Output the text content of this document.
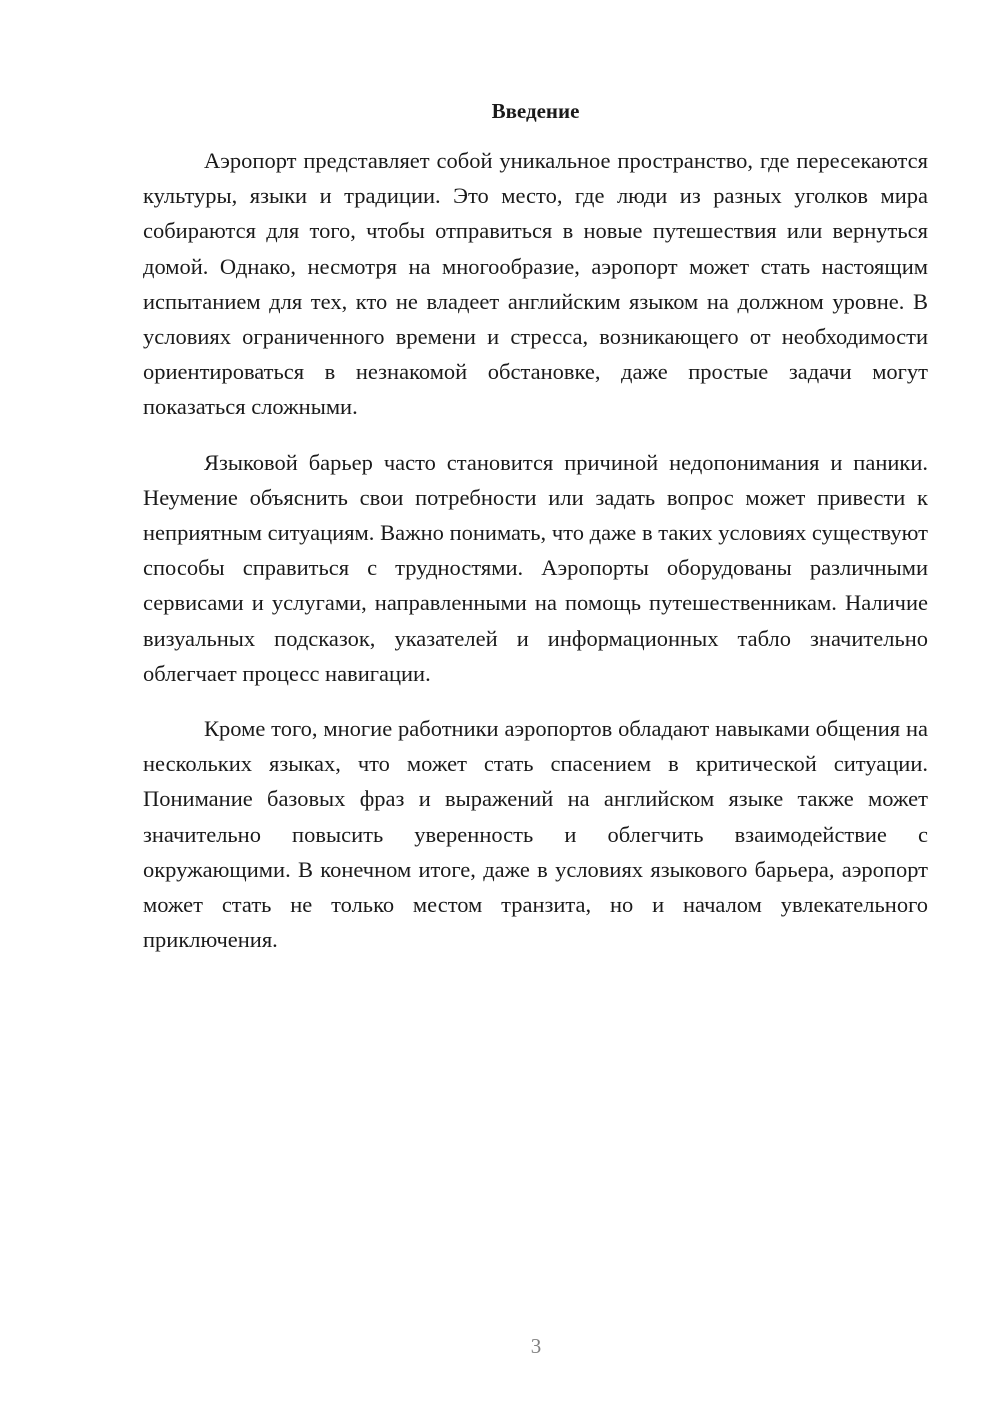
Введение

Аэропорт представляет собой уникальное пространство, где пересекаются культуры, языки и традиции. Это место, где люди из разных уголков мира собираются для того, чтобы отправиться в новые путешествия или вернуться домой. Однако, несмотря на многообразие, аэропорт может стать настоящим испытанием для тех, кто не владеет английским языком на должном уровне. В условиях ограниченного времени и стресса, возникающего от необходимости ориентироваться в незнакомой обстановке, даже простые задачи могут показаться сложными.

Языковой барьер часто становится причиной недопонимания и паники. Неумение объяснить свои потребности или задать вопрос может привести к неприятным ситуациям. Важно понимать, что даже в таких условиях существуют способы справиться с трудностями. Аэропорты оборудованы различными сервисами и услугами, направленными на помощь путешественникам. Наличие визуальных подсказок, указателей и информационных табло значительно облегчает процесс навигации.

Кроме того, многие работники аэропортов обладают навыками общения на нескольких языках, что может стать спасением в критической ситуации. Понимание базовых фраз и выражений на английском языке также может значительно повысить уверенность и облегчить взаимодействие с окружающими. В конечном итоге, даже в условиях языкового барьера, аэропорт может стать не только местом транзита, но и началом увлекательного приключения.

3
